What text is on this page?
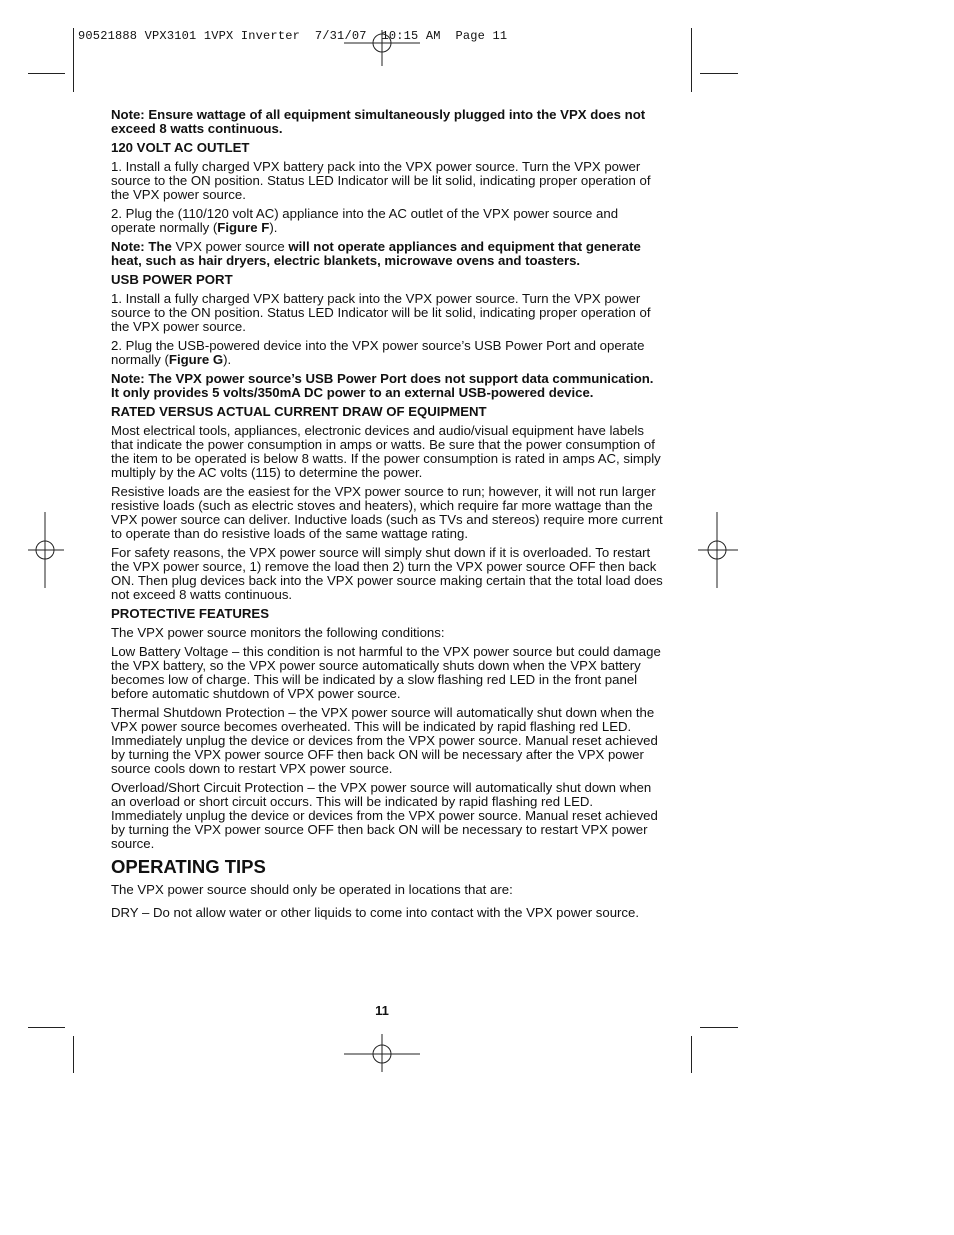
90521888 VPX3101 1VPX Inverter  7/31/07  10:15 AM  Page 11

Note: Ensure wattage of all equipment simultaneously plugged into the VPX does not exceed 8 watts continuous.

120 VOLT AC OUTLET

1. Install a fully charged VPX battery pack into the VPX power source. Turn the VPX power source to the ON position. Status LED Indicator will be lit solid, indicating proper operation of the VPX power source.

2. Plug the (110/120 volt AC) appliance into the AC outlet of the VPX power source and operate normally (Figure F).

Note: The VPX power source will not operate appliances and equipment that generate heat, such as hair dryers, electric blankets, microwave ovens and toasters.

USB POWER PORT

1. Install a fully charged VPX battery pack into the VPX power source. Turn the VPX power source to the ON position. Status LED Indicator will be lit solid, indicating proper operation of the VPX power source.

2. Plug the USB-powered device into the VPX power source’s USB Power Port and operate normally (Figure G).

Note: The VPX power source’s USB Power Port does not support data communication. It only provides 5 volts/350mA DC power to an external USB-powered device.

RATED VERSUS ACTUAL CURRENT DRAW OF EQUIPMENT

Most electrical tools, appliances, electronic devices and audio/visual equipment have labels that indicate the power consumption in amps or watts. Be sure that the power consumption of the item to be operated is below 8 watts. If the power consumption is rated in amps AC, simply multiply by the AC volts (115) to determine the power.

Resistive loads are the easiest for the VPX power source to run; however, it will not run larger resistive loads (such as electric stoves and heaters), which require far more wattage than the VPX power source can deliver. Inductive loads (such as TVs and stereos) require more current to operate than do resistive loads of the same wattage rating.

For safety reasons, the VPX power source will simply shut down if it is overloaded. To restart the VPX power source, 1) remove the load then 2) turn the VPX power source OFF then back ON. Then plug devices back into the VPX power source making certain that the total load does not exceed 8 watts continuous.

PROTECTIVE FEATURES

The VPX power source monitors the following conditions:

Low Battery Voltage – this condition is not harmful to the VPX power source but could damage the VPX battery, so the VPX power source automatically shuts down when the VPX battery becomes low of charge. This will be indicated by a slow flashing red LED in the front panel before automatic shutdown of VPX power source.

Thermal Shutdown Protection – the VPX power source will automatically shut down when the VPX power source becomes overheated. This will be indicated by rapid flashing red LED. Immediately unplug the device or devices from the VPX power source. Manual reset achieved by turning the VPX power source OFF then back ON will be necessary after the VPX power source cools down to restart VPX power source.

Overload/Short Circuit Protection – the VPX power source will automatically shut down when an overload or short circuit occurs. This will be indicated by rapid flashing red LED. Immediately unplug the device or devices from the VPX power source. Manual reset achieved by turning the VPX power source OFF then back ON will be necessary to restart VPX power source.

OPERATING TIPS

The VPX power source should only be operated in locations that are:

DRY – Do not allow water or other liquids to come into contact with the VPX power source.

11
